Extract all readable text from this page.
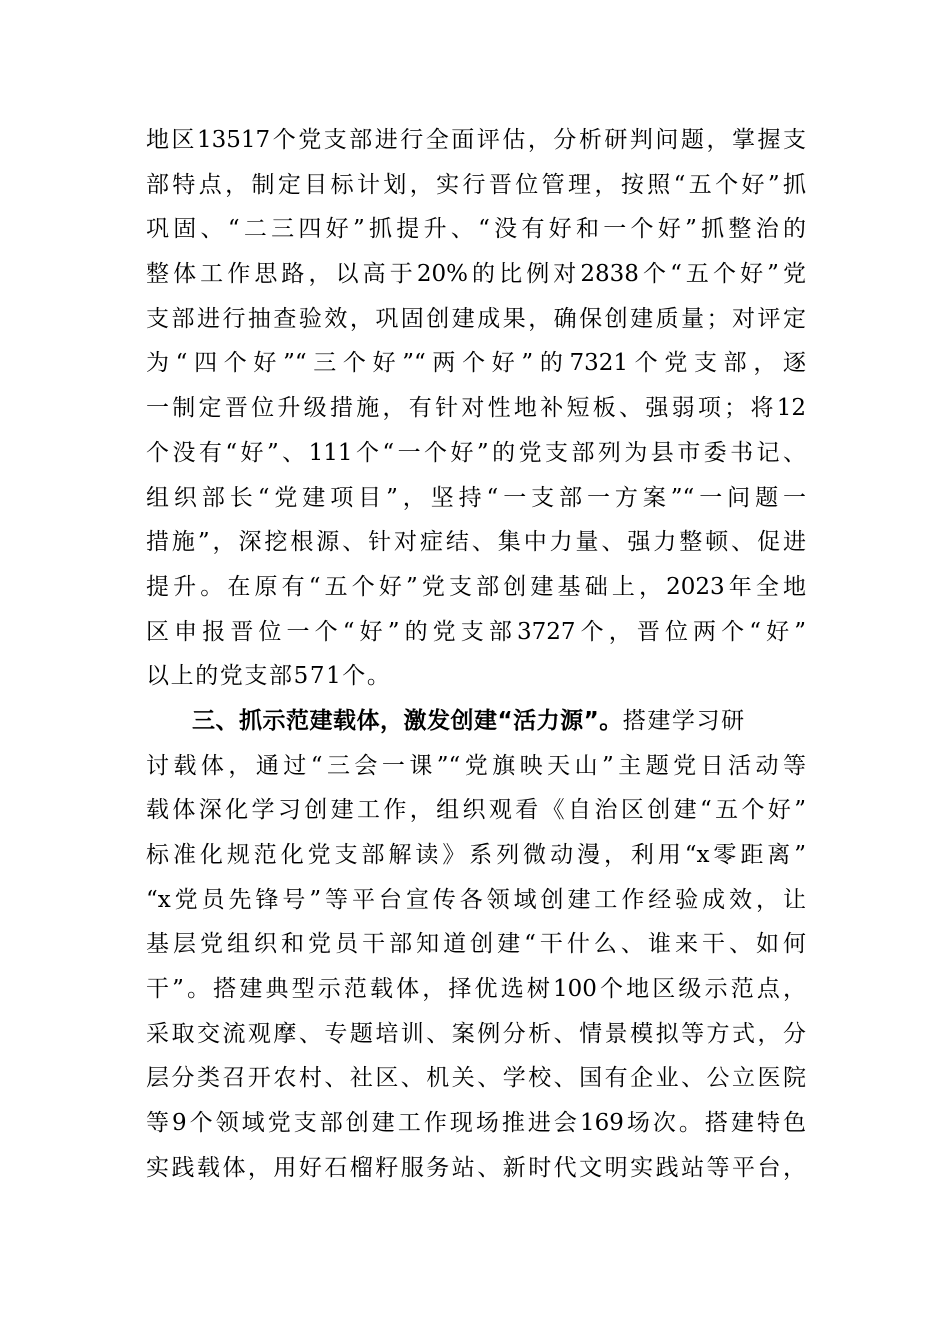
地区13517个党支部进行全面评估，分析研判问题，掌握支
部特点，制定目标计划，实行晋位管理，按照“五个好”抓
巩固、“二三四好”抓提升、“没有好和一个好”抓整治的
整体工作思路，以高于20%的比例对2838个“五个好”党
支部进行抽查验效，巩固创建成果，确保创建质量；对评定
为“四个好”“三个好”“两个好”的7321个党支部，逐
一制定晋位升级措施，有针对性地补短板、强弱项；将12
个没有“好”、111个“一个好”的党支部列为县市委书记、
组织部长“党建项目”，坚持“一支部一方案”“一问题一
措施”，深挖根源、针对症结、集中力量、强力整顿、促进
提升。在原有“五个好”党支部创建基础上，2023年全地
区申报晋位一个“好”的党支部3727个，晋位两个“好”
以上的党支部571个。
三、抓示范建载体，激发创建“活力源”。搭建学习研
讨载体，通过“三会一课”“党旗映天山”主题党日活动等
载体深化学习创建工作，组织观看《自治区创建“五个好”
标准化规范化党支部解读》系列微动漫，利用“x零距离”
“x党员先锋号”等平台宣传各领域创建工作经验成效，让
基层党组织和党员干部知道创建“干什么、谁来干、如何
干”。搭建典型示范载体，择优选树100个地区级示范点，
采取交流观摩、专题培训、案例分析、情景模拟等方式，分
层分类召开农村、社区、机关、学校、国有企业、公立医院
等9个领域党支部创建工作现场推进会169场次。搭建特色
实践载体，用好石榴籽服务站、新时代文明实践站等平台，
